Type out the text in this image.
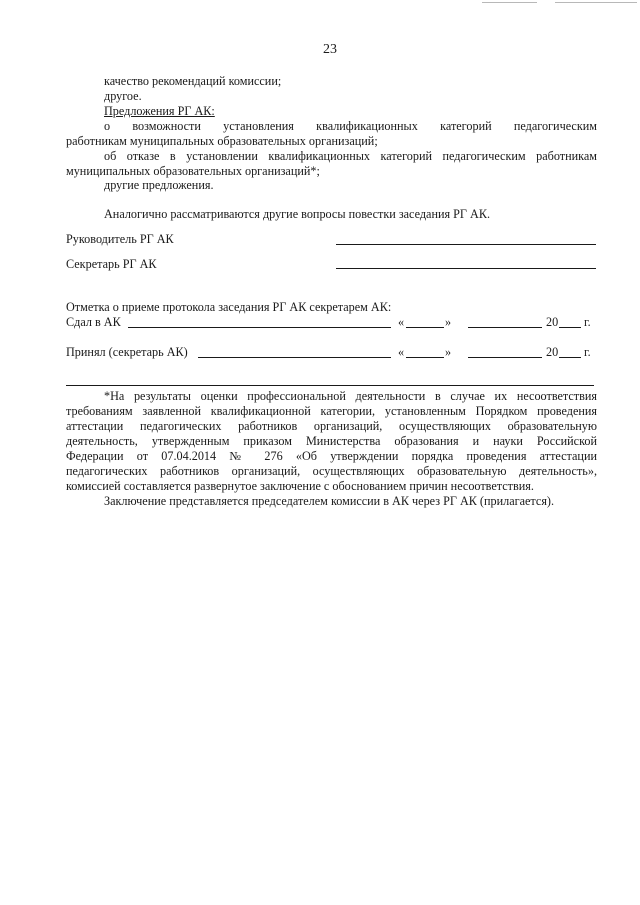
23
качество рекомендаций комиссии;
другое.
Предложения РГ АК:
о возможности установления квалификационных категорий педагогическим
работникам муниципальных образовательных организаций;
об отказе в установлении квалификационных категорий педагогическим работникам
муниципальных образовательных организаций*;
другие предложения.
Аналогично рассматриваются другие вопросы повестки заседания РГ АК.
Руководитель РГ АК
Секретарь РГ АК
Отметка о приеме протокола заседания РГ АК секретарем АК:
Сдал в АК	«	»	20 г.
Принял (секретарь АК)	«	»	20 г.
*На результаты оценки профессиональной деятельности в случае их несоответствия
требованиям заявленной квалификационной категории, установленным Порядком проведения
аттестации педагогических работников организаций, осуществляющих образовательную
деятельность, утвержденным приказом Министерства образования и науки Российской
Федерации от 07.04.2014 № 276 «Об утверждении порядка проведения аттестации
педагогических работников организаций, осуществляющих образовательную деятельность»,
комиссией составляется развернутое заключение с обоснованием причин несоответствия.
Заключение представляется председателем комиссии в АК через РГ АК (прилагается).
